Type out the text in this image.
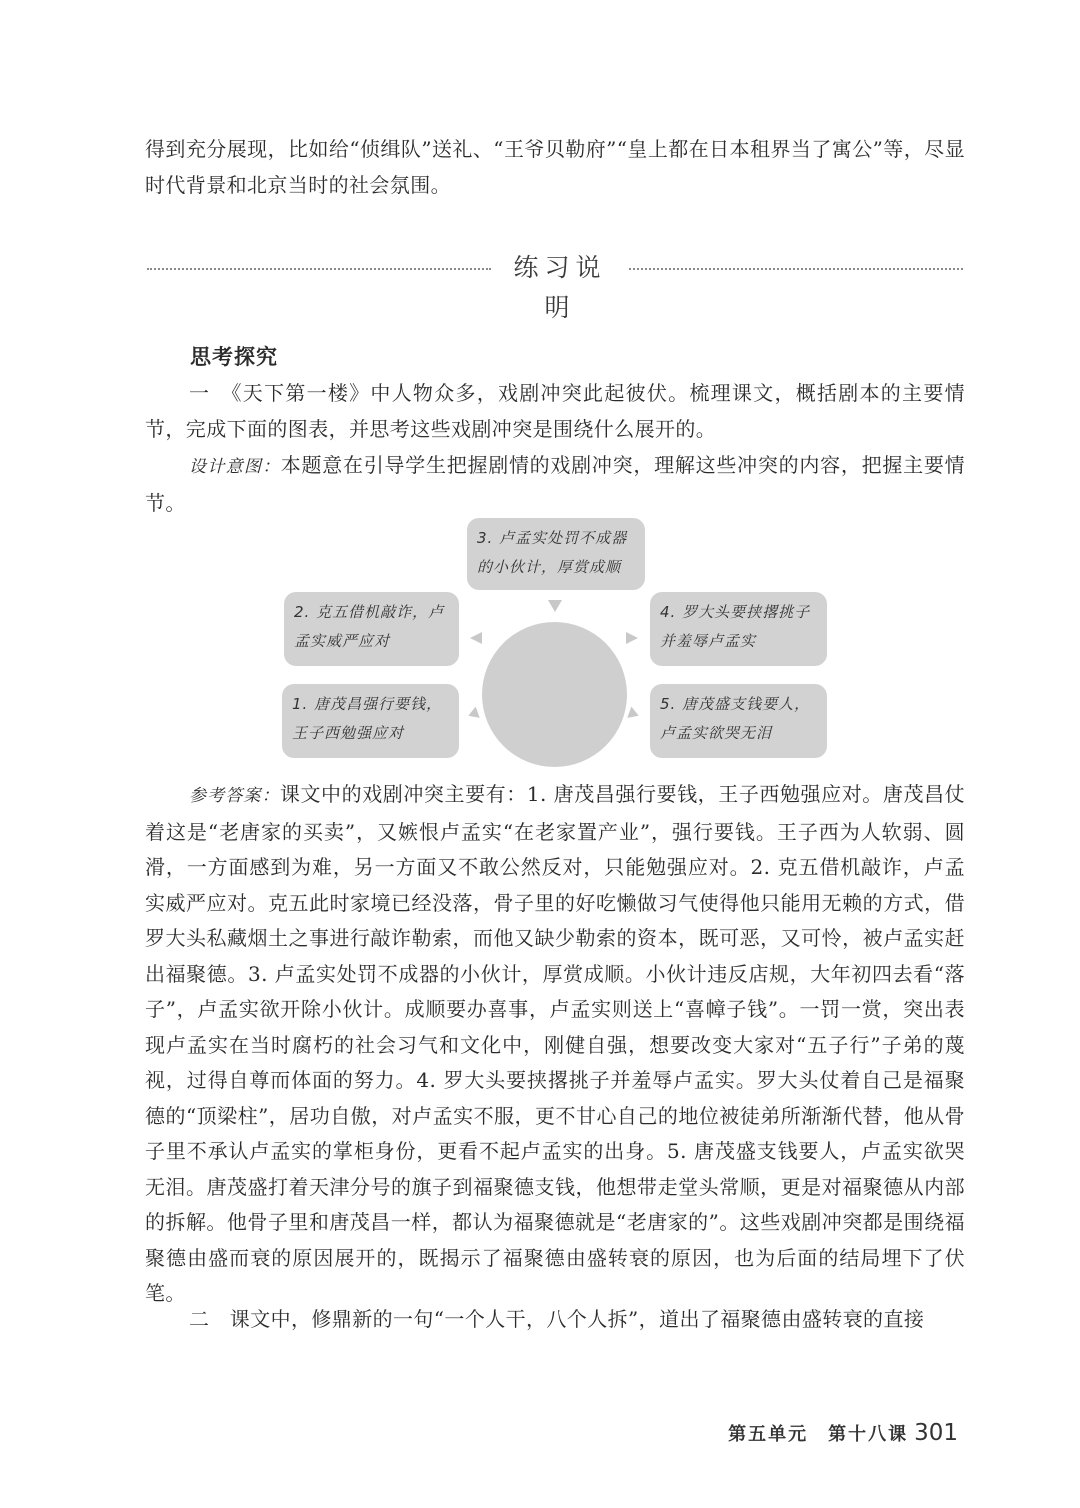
得到充分展现，比如给“侦缉队”送礼、“王爷贝勒府”“皇上都在日本租界当了寓公”等，尽显时代背景和北京当时的社会氛围。
练习说明
思考探究
一　《天下第一楼》中人物众多，戏剧冲突此起彼伏。梳理课文，概括剧本的主要情节，完成下面的图表，并思考这些戏剧冲突是围绕什么展开的。
设计意图：本题意在引导学生把握剧情的戏剧冲突，理解这些冲突的内容，把握主要情节。
3. 卢孟实处罚不成器的小伙计，厚赏成顺
2. 克五借机敲诈，卢孟实威严应对
4. 罗大头要挟撂挑子并羞辱卢孟实
1. 唐茂昌强行要钱，王子西勉强应对
5. 唐茂盛支钱要人，卢孟实欲哭无泪
参考答案：课文中的戏剧冲突主要有：1. 唐茂昌强行要钱，王子西勉强应对。唐茂昌仗着这是“老唐家的买卖”，又嫉恨卢孟实“在老家置产业”，强行要钱。王子西为人软弱、圆滑，一方面感到为难，另一方面又不敢公然反对，只能勉强应对。2. 克五借机敲诈，卢孟实威严应对。克五此时家境已经没落，骨子里的好吃懒做习气使得他只能用无赖的方式，借罗大头私藏烟土之事进行敲诈勒索，而他又缺少勒索的资本，既可恶，又可怜，被卢孟实赶出福聚德。3. 卢孟实处罚不成器的小伙计，厚赏成顺。小伙计违反店规，大年初四去看“落子”，卢孟实欲开除小伙计。成顺要办喜事，卢孟实则送上“喜幛子钱”。一罚一赏，突出表现卢孟实在当时腐朽的社会习气和文化中，刚健自强，想要改变大家对“五子行”子弟的蔑视，过得自尊而体面的努力。4. 罗大头要挟撂挑子并羞辱卢孟实。罗大头仗着自己是福聚德的“顶梁柱”，居功自傲，对卢孟实不服，更不甘心自己的地位被徒弟所渐渐代替，他从骨子里不承认卢孟实的掌柜身份，更看不起卢孟实的出身。5. 唐茂盛支钱要人，卢孟实欲哭无泪。唐茂盛打着天津分号的旗子到福聚德支钱，他想带走堂头常顺，更是对福聚德从内部的拆解。他骨子里和唐茂昌一样，都认为福聚德就是“老唐家的”。这些戏剧冲突都是围绕福聚德由盛而衰的原因展开的，既揭示了福聚德由盛转衰的原因，也为后面的结局埋下了伏笔。
二　课文中，修鼎新的一句“一个人干，八个人拆”，道出了福聚德由盛转衰的直接
第五单元　第十八课 301
